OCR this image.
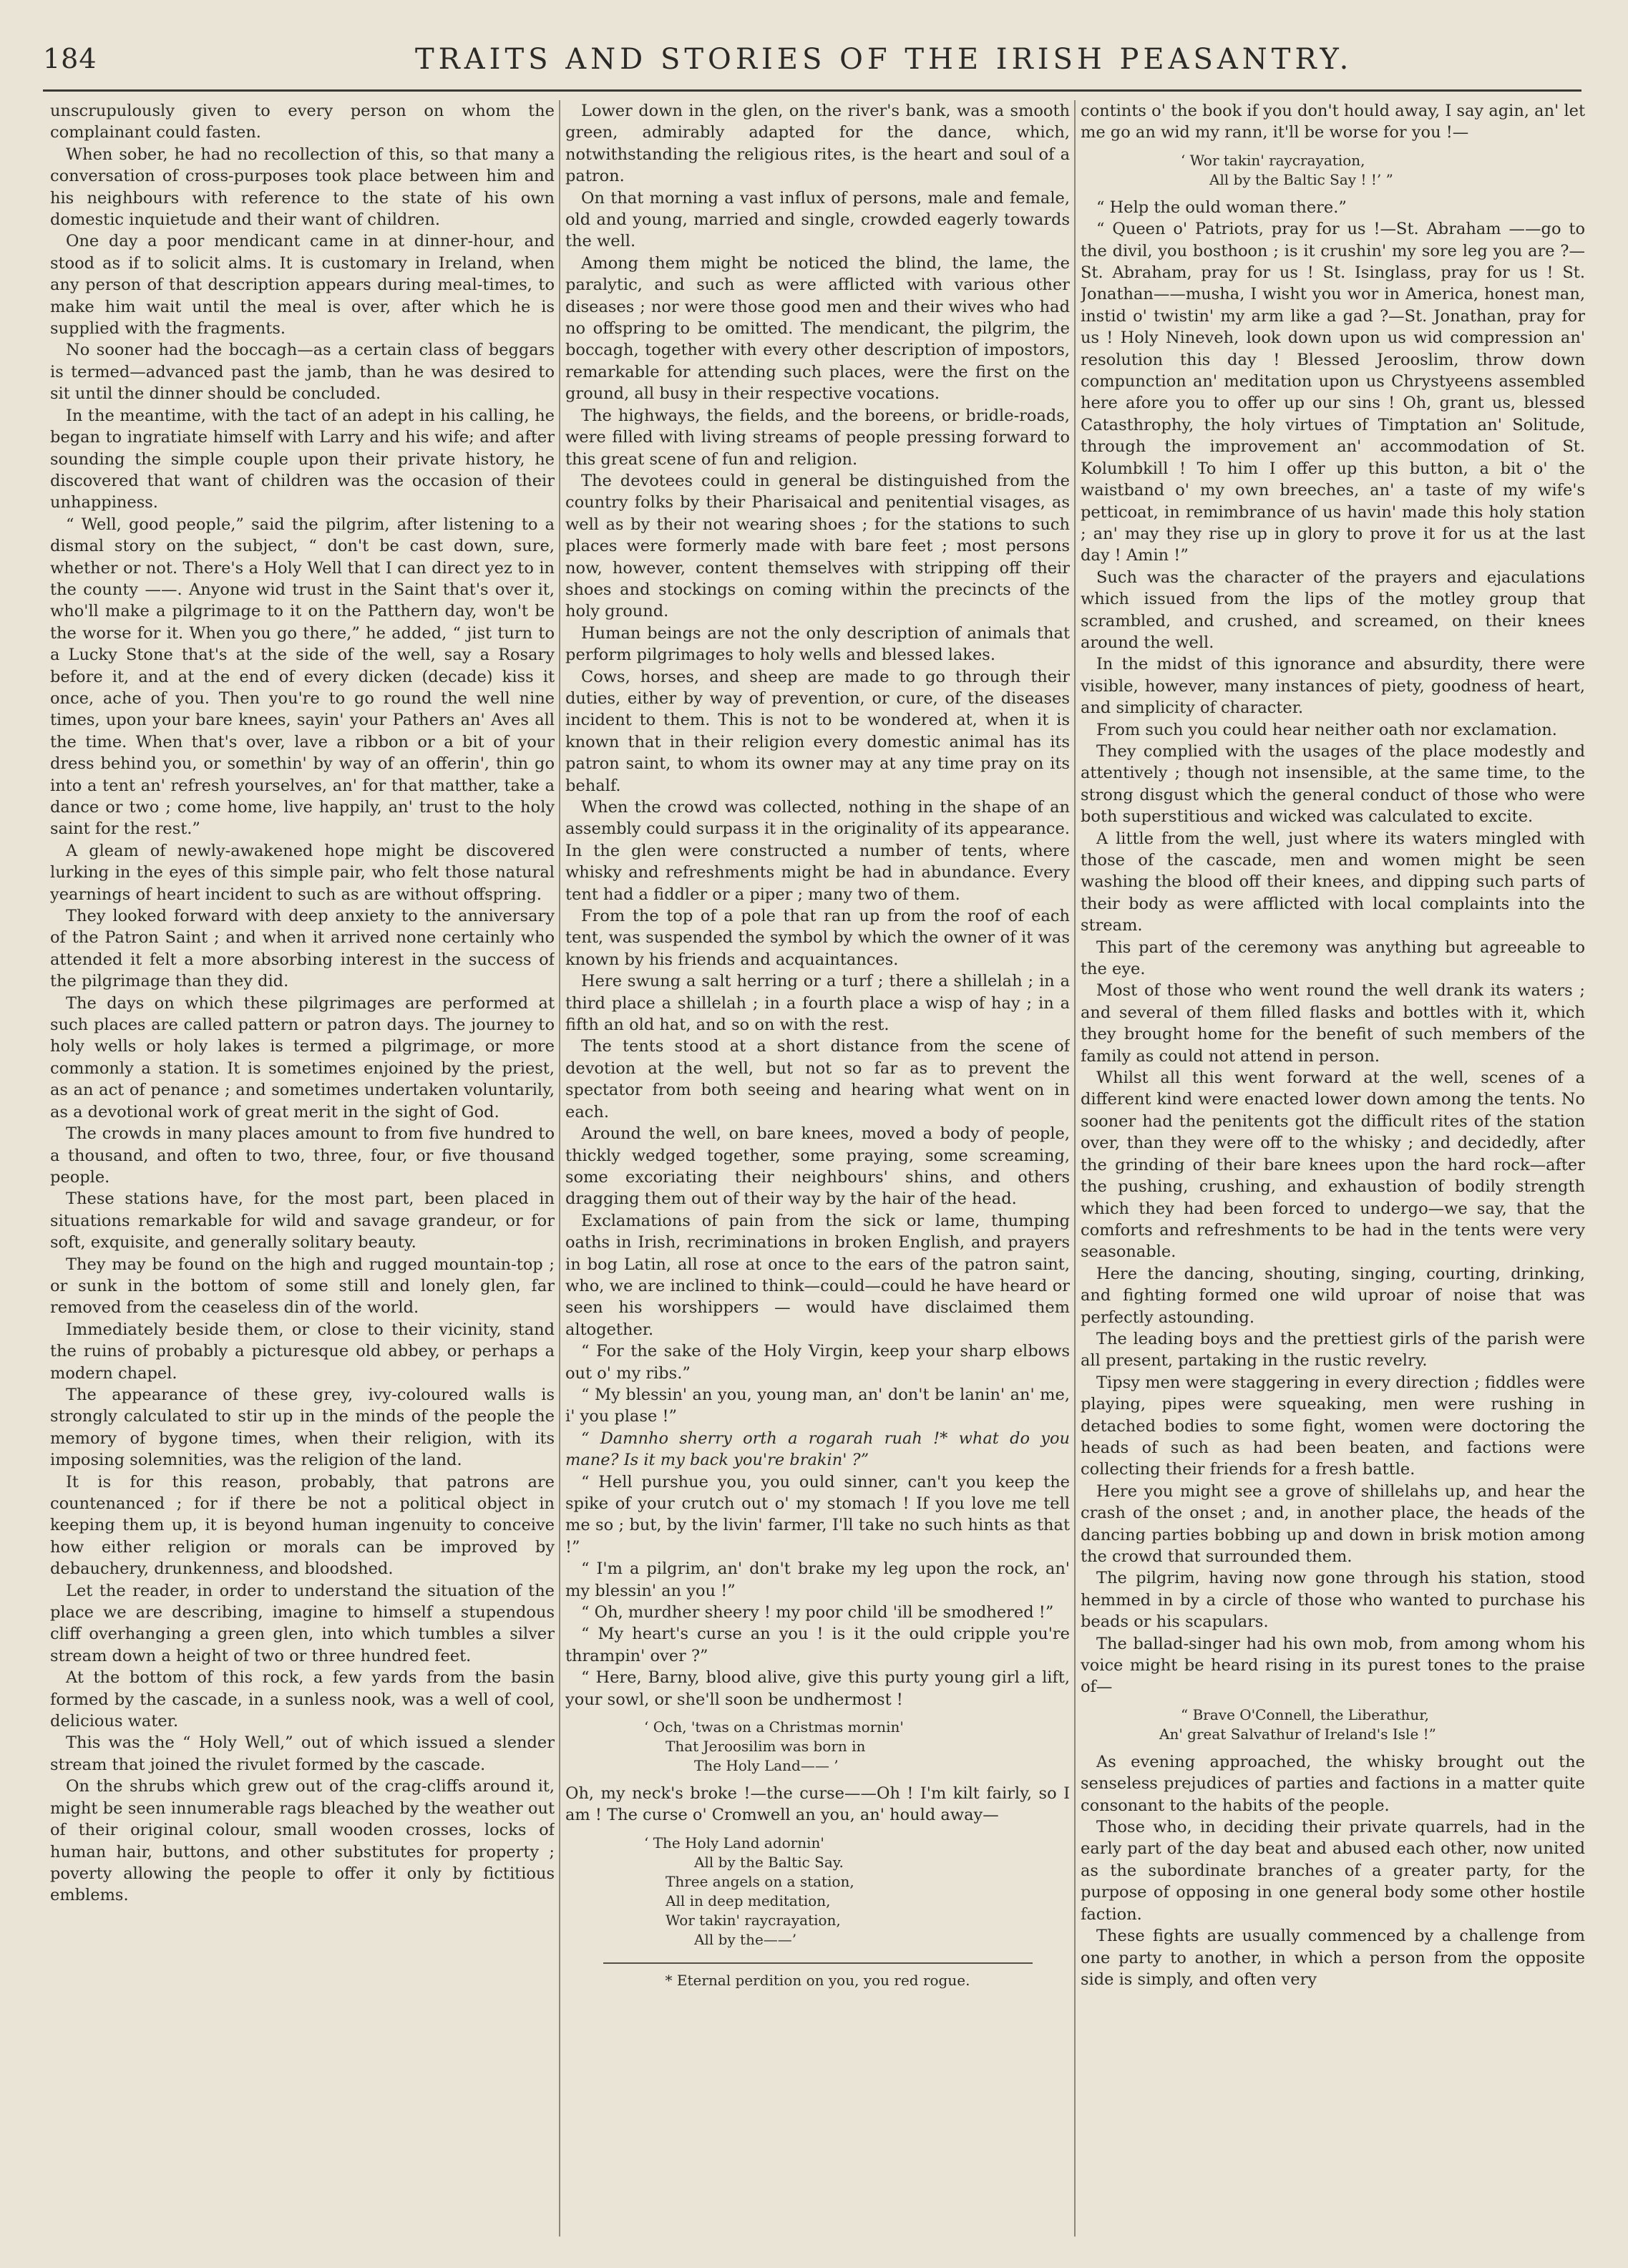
184	TRAITS AND STORIES OF THE IRISH PEASANTRY.

unscrupulously given to every person on whom the complainant could fasten.

When sober, he had no recollection of this, so that many a conversation of cross-purposes took place between him and his neighbours with reference to the state of his own domestic inquietude and their want of children.

One day a poor mendicant came in at dinner-hour, and stood as if to solicit alms. It is customary in Ireland, when any person of that description appears during meal-times, to make him wait until the meal is over, after which he is supplied with the fragments.

No sooner had the boccagh—as a certain class of beggars is termed—advanced past the jamb, than he was desired to sit until the dinner should be concluded.

In the meantime, with the tact of an adept in his calling, he began to ingratiate himself with Larry and his wife; and after sounding the simple couple upon their private history, he discovered that want of children was the occasion of their unhappiness.

“ Well, good people,” said the pilgrim, after listening to a dismal story on the subject, “ don't be cast down, sure, whether or not. There's a Holy Well that I can direct yez to in the county ——. Anyone wid trust in the Saint that's over it, who'll make a pilgrimage to it on the Patthern day, won't be the worse for it. When you go there,” he added, “ jist turn to a Lucky Stone that's at the side of the well, say a Rosary before it, and at the end of every dicken (decade) kiss it once, ache of you. Then you're to go round the well nine times, upon your bare knees, sayin' your Pathers an' Aves all the time. When that's over, lave a ribbon or a bit of your dress behind you, or somethin' by way of an offerin', thin go into a tent an' refresh yourselves, an' for that matther, take a dance or two ; come home, live happily, an' trust to the holy saint for the rest.”

A gleam of newly-awakened hope might be discovered lurking in the eyes of this simple pair, who felt those natural yearnings of heart incident to such as are without offspring.

They looked forward with deep anxiety to the anniversary of the Patron Saint ; and when it arrived none certainly who attended it felt a more absorbing interest in the success of the pilgrimage than they did.

The days on which these pilgrimages are performed at such places are called pattern or patron days. The journey to holy wells or holy lakes is termed a pilgrimage, or more commonly a station. It is sometimes enjoined by the priest, as an act of penance ; and sometimes undertaken voluntarily, as a devotional work of great merit in the sight of God.

The crowds in many places amount to from five hundred to a thousand, and often to two, three, four, or five thousand people.

These stations have, for the most part, been placed in situations remarkable for wild and savage grandeur, or for soft, exquisite, and generally solitary beauty.

They may be found on the high and rugged mountain-top ; or sunk in the bottom of some still and lonely glen, far removed from the ceaseless din of the world.

Immediately beside them, or close to their vicinity, stand the ruins of probably a picturesque old abbey, or perhaps a modern chapel.

The appearance of these grey, ivy-coloured walls is strongly calculated to stir up in the minds of the people the memory of bygone times, when their religion, with its imposing solemnities, was the religion of the land.

It is for this reason, probably, that patrons are countenanced ; for if there be not a political object in keeping them up, it is beyond human ingenuity to conceive how either religion or morals can be improved by debauchery, drunkenness, and bloodshed.

Let the reader, in order to understand the situation of the place we are describing, imagine to himself a stupendous cliff overhanging a green glen, into which tumbles a silver stream down a height of two or three hundred feet.

At the bottom of this rock, a few yards from the basin formed by the cascade, in a sunless nook, was a well of cool, delicious water.

This was the “ Holy Well,” out of which issued a slender stream that joined the rivulet formed by the cascade.

On the shrubs which grew out of the crag-cliffs around it, might be seen innumerable rags bleached by the weather out of their original colour, small wooden crosses, locks of human hair, buttons, and other substitutes for property ; poverty allowing the people to offer it only by fictitious emblems.

Lower down in the glen, on the river's bank, was a smooth green, admirably adapted for the dance, which, notwithstanding the religious rites, is the heart and soul of a patron.

On that morning a vast influx of persons, male and female, old and young, married and single, crowded eagerly towards the well.

Among them might be noticed the blind, the lame, the paralytic, and such as were afflicted with various other diseases ; nor were those good men and their wives who had no offspring to be omitted. The mendicant, the pilgrim, the boccagh, together with every other description of impostors, remarkable for attending such places, were the first on the ground, all busy in their respective vocations.

The highways, the fields, and the boreens, or bridle-roads, were filled with living streams of people pressing forward to this great scene of fun and religion.

The devotees could in general be distinguished from the country folks by their Pharisaical and penitential visages, as well as by their not wearing shoes ; for the stations to such places were formerly made with bare feet ; most persons now, however, content themselves with stripping off their shoes and stockings on coming within the precincts of the holy ground.

Human beings are not the only description of animals that perform pilgrimages to holy wells and blessed lakes.

Cows, horses, and sheep are made to go through their duties, either by way of prevention, or cure, of the diseases incident to them. This is not to be wondered at, when it is known that in their religion every domestic animal has its patron saint, to whom its owner may at any time pray on its behalf.

When the crowd was collected, nothing in the shape of an assembly could surpass it in the originality of its appearance. In the glen were constructed a number of tents, where whisky and refreshments might be had in abundance. Every tent had a fiddler or a piper ; many two of them.

From the top of a pole that ran up from the roof of each tent, was suspended the symbol by which the owner of it was known by his friends and acquaintances.

Here swung a salt herring or a turf ; there a shillelah ; in a third place a shillelah ; in a fourth place a wisp of hay ; in a fifth an old hat, and so on with the rest.

The tents stood at a short distance from the scene of devotion at the well, but not so far as to prevent the spectator from both seeing and hearing what went on in each.

Around the well, on bare knees, moved a body of people, thickly wedged together, some praying, some screaming, some excoriating their neighbours' shins, and others dragging them out of their way by the hair of the head.

Exclamations of pain from the sick or lame, thumping oaths in Irish, recriminations in broken English, and prayers in bog Latin, all rose at once to the ears of the patron saint, who, we are inclined to think—could—could he have heard or seen his worshippers — would have disclaimed them altogether.

“ For the sake of the Holy Virgin, keep your sharp elbows out o' my ribs.”

“ My blessin' an you, young man, an' don't be lanin' an' me, i' you plase !”

“ Damnho sherry orth a rogarah ruah !* what do you mane? Is it my back you're brakin' ?”

“ Hell purshue you, you ould sinner, can't you keep the spike of your crutch out o' my stomach ! If you love me tell me so ; but, by the livin' farmer, I'll take no such hints as that !”

“ I'm a pilgrim, an' don't brake my leg upon the rock, an' my blessin' an you !”

“ Oh, murdher sheery ! my poor child 'ill be smodhered !”

“ My heart's curse an you ! is it the ould cripple you're thrampin' over ?”

“ Here, Barny, blood alive, give this purty young girl a lift, your sowl, or she'll soon be undhermost !

‘ Och, 'twas on a Christmas mornin'
That Jeroosilim was born in
The Holy Land—— ’

Oh, my neck's broke !—the curse——Oh ! I'm kilt fairly, so I am ! The curse o' Cromwell an you, an' hould away—

‘ The Holy Land adornin'
All by the Baltic Say.
Three angels on a station,
All in deep meditation,
Wor takin' raycrayation,
All by the——’
* Eternal perdition on you, you red rogue.

contints o' the book if you don't hould away, I say agin, an' let me go an wid my rann, it'll be worse for you !—

‘ Wor takin' raycrayation,
All by the Baltic Say ! !’ ”

“ Help the ould woman there.”

“ Queen o' Patriots, pray for us !—St. Abraham ——go to the divil, you bosthoon ; is it crushin' my sore leg you are ?—St. Abraham, pray for us ! St. Isinglass, pray for us ! St. Jonathan——musha, I wisht you wor in America, honest man, instid o' twistin' my arm like a gad ?—St. Jonathan, pray for us ! Holy Nineveh, look down upon us wid compression an' resolution this day ! Blessed Jerooslim, throw down compunction an' meditation upon us Chrystyeens assembled here afore you to offer up our sins ! Oh, grant us, blessed Catasthrophy, the holy virtues of Timptation an' Solitude, through the improvement an' accommodation of St. Kolumbkill ! To him I offer up this button, a bit o' the waistband o' my own breeches, an' a taste of my wife's petticoat, in remimbrance of us havin' made this holy station ; an' may they rise up in glory to prove it for us at the last day ! Amin !”

Such was the character of the prayers and ejaculations which issued from the lips of the motley group that scrambled, and crushed, and screamed, on their knees around the well.

In the midst of this ignorance and absurdity, there were visible, however, many instances of piety, goodness of heart, and simplicity of character.

From such you could hear neither oath nor exclamation.

They complied with the usages of the place modestly and attentively ; though not insensible, at the same time, to the strong disgust which the general conduct of those who were both superstitious and wicked was calculated to excite.

A little from the well, just where its waters mingled with those of the cascade, men and women might be seen washing the blood off their knees, and dipping such parts of their body as were afflicted with local complaints into the stream.

This part of the ceremony was anything but agreeable to the eye.

Most of those who went round the well drank its waters ; and several of them filled flasks and bottles with it, which they brought home for the benefit of such members of the family as could not attend in person.

Whilst all this went forward at the well, scenes of a different kind were enacted lower down among the tents. No sooner had the penitents got the difficult rites of the station over, than they were off to the whisky ; and decidedly, after the grinding of their bare knees upon the hard rock—after the pushing, crushing, and exhaustion of bodily strength which they had been forced to undergo—we say, that the comforts and refreshments to be had in the tents were very seasonable.

Here the dancing, shouting, singing, courting, drinking, and fighting formed one wild uproar of noise that was perfectly astounding.

The leading boys and the prettiest girls of the parish were all present, partaking in the rustic revelry.

Tipsy men were staggering in every direction ; fiddles were playing, pipes were squeaking, men were rushing in detached bodies to some fight, women were doctoring the heads of such as had been beaten, and factions were collecting their friends for a fresh battle.

Here you might see a grove of shillelahs up, and hear the crash of the onset ; and, in another place, the heads of the dancing parties bobbing up and down in brisk motion among the crowd that surrounded them.

The pilgrim, having now gone through his station, stood hemmed in by a circle of those who wanted to purchase his beads or his scapulars.

The ballad-singer had his own mob, from among whom his voice might be heard rising in its purest tones to the praise of—

“ Brave O'Connell, the Liberathur,
An' great Salvathur of Ireland's Isle !”

As evening approached, the whisky brought out the senseless prejudices of parties and factions in a matter quite consonant to the habits of the people.

Those who, in deciding their private quarrels, had in the early part of the day beat and abused each other, now united as the subordinate branches of a greater party, for the purpose of opposing in one general body some other hostile faction.

These fights are usually commenced by a challenge from one party to another, in which a person from the opposite side is simply, and often very
